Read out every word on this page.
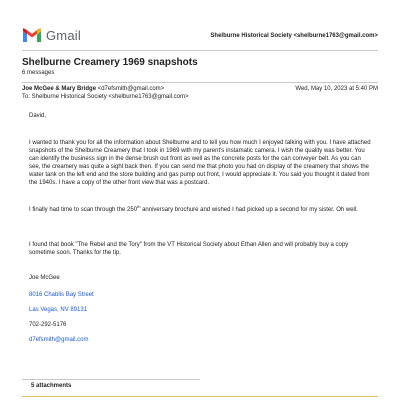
Gmail	Shelburne Historical Society <shelburne1763@gmail.com>
Shelburne Creamery 1969 snapshots
6 messages
Joe McGee & Mary Bridge <d7efsmith@gmail.com>	Wed, May 10, 2023 at 5:40 PM
To: Shelburne Historical Society <shelburne1763@gmail.com>

David,

I wanted to thank you for all the information about Shelburne and to tell you how much I enjoyed talking with you. I have attached snapshots of the Shelburne Creamery that I took in 1969 with my parent's instamatic camera. I wish the quality was better. You can identify the business sign in the dense brush out front as well as the concrete posts for the can conveyer belt. As you can see, the creamery was quite a sight back then. If you can send me that photo you had on display of the creamery that shows the water tank on the left end and the store building and gas pump out front, I would appreciate it. You said you thought it dated from the 1940s. I have a copy of the other front view that was a postcard.

I finally had time to scan through the 250th anniversary brochure and wished I had picked up a second for my sister. Oh well.

I found that book "The Rebel and the Tory" from the VT Historical Society about Ethan Allen and will probably buy a copy sometime soon. Thanks for the tip.

Joe McGee

8016 Chablis Bay Street

Las Vegas, NV 89131

702-292-5176

d7efsmith@gmail.com

5 attachments
